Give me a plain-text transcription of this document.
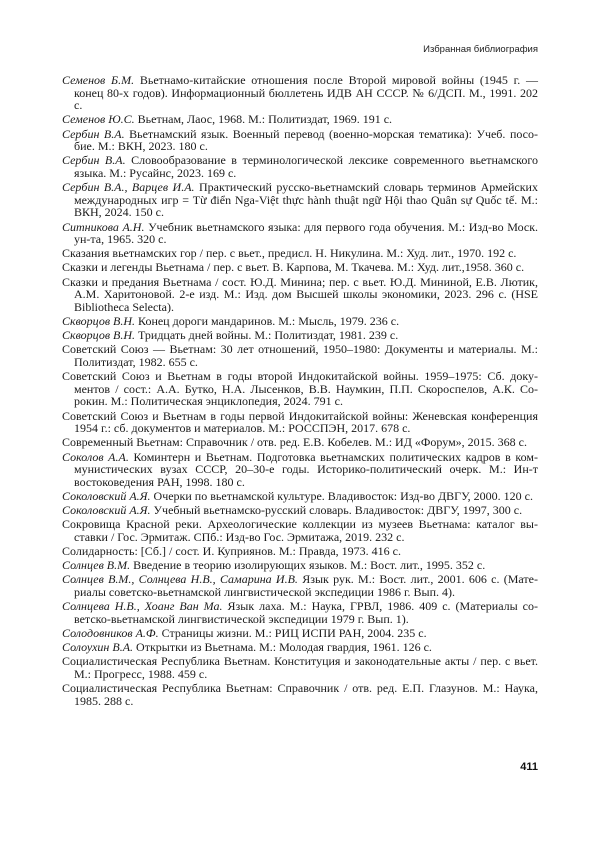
Избранная библиография

Семенов Б.М. Вьетнамо-китайские отношения после Второй мировой войны (1945 г. — конец 80-х годов). Информационный бюллетень ИДВ АН СССР. № 6/ДСП. М., 1991. 202 с.

Семенов Ю.С. Вьетнам, Лаос, 1968. М.: Политиздат, 1969. 191 с.

Сербин В.А. Вьетнамский язык. Военный перевод (военно-морская тематика): Учеб. пособие. М.: ВКН, 2023. 180 с.

Сербин В.А. Словообразование в терминологической лексике современного вьетнамского языка. М.: Русайнс, 2023. 169 с.

Сербин В.А., Варцев И.А. Практический русско-вьетнамский словарь терминов Армейских международных игр = Từ điển Nga-Việt thực hành thuật ngữ Hội thao Quân sự Quốc tế. М.: ВКН, 2024. 150 с.

Ситникова А.Н. Учебник вьетнамского языка: для первого года обучения. М.: Изд-во Моск. ун-та, 1965. 320 с.

Сказания вьетнамских гор / пер. с вьет., предисл. Н. Никулина. М.: Худ. лит., 1970. 192 с.

Сказки и легенды Вьетнама / пер. с вьет. В. Карпова, М. Ткачева. М.: Худ. лит.,1958. 360 с.

Сказки и предания Вьетнама / сост. Ю.Д. Минина; пер. с вьет. Ю.Д. Мининой, Е.В. Лютик, А.М. Харитоновой. 2-е изд. М.: Изд. дом Высшей школы экономики, 2023. 296 с. (HSE Bibliotheca Selecta).

Скворцов В.Н. Конец дороги мандаринов. М.: Мысль, 1979. 236 с.

Скворцов В.Н. Тридцать дней войны. М.: Политиздат, 1981. 239 с.

Советский Союз — Вьетнам: 30 лет отношений, 1950–1980: Документы и материалы. М.: Политиздат, 1982. 655 с.

Советский Союз и Вьетнам в годы второй Индокитайской войны. 1959–1975: Сб. документов / сост.: А.А. Бутко, Н.А. Лысенков, В.В. Наумкин, П.П. Скороспелов, А.К. Сорокин. М.: Политическая энциклопедия, 2024. 791 с.

Советский Союз и Вьетнам в годы первой Индокитайской войны: Женевская конференция 1954 г.: сб. документов и материалов. М.: РОССПЭН, 2017. 678 с.

Современный Вьетнам: Справочник / отв. ред. Е.В. Кобелев. М.: ИД «Форум», 2015. 368 с.

Соколов А.А. Коминтерн и Вьетнам. Подготовка вьетнамских политических кадров в коммунистических вузах СССР, 20–30-е годы. Историко-политический очерк. М.: Ин-т востоковедения РАН, 1998. 180 с.

Соколовский А.Я. Очерки по вьетнамской культуре. Владивосток: Изд-во ДВГУ, 2000. 120 с.

Соколовский А.Я. Учебный вьетнамско-русский словарь. Владивосток: ДВГУ, 1997, 300 с.

Сокровища Красной реки. Археологические коллекции из музеев Вьетнама: каталог выставки / Гос. Эрмитаж. СПб.: Изд-во Гос. Эрмитажа, 2019. 232 с.

Солидарность: [Сб.] / сост. И. Куприянов. М.: Правда, 1973. 416 с.

Солнцев В.М. Введение в теорию изолирующих языков. М.: Вост. лит., 1995. 352 с.

Солнцев В.М., Солнцева Н.В., Самарина И.В. Язык рук. М.: Вост. лит., 2001. 606 с. (Материалы советско-вьетнамской лингвистической экспедиции 1986 г. Вып. 4).

Солнцева Н.В., Хоанг Ван Ма. Язык лаха. М.: Наука, ГРВЛ, 1986. 409 с. (Материалы советско-вьетнамской лингвистической экспедиции 1979 г. Вып. 1).

Солодовников А.Ф. Страницы жизни. М.: РИЦ ИСПИ РАН, 2004. 235 с.

Солоухин В.А. Открытки из Вьетнама. М.: Молодая гвардия, 1961. 126 с.

Социалистическая Республика Вьетнам. Конституция и законодательные акты / пер. с вьет. М.: Прогресс, 1988. 459 с.

Социалистическая Республика Вьетнам: Справочник / отв. ред. Е.П. Глазунов. М.: Наука, 1985. 288 с.

411
